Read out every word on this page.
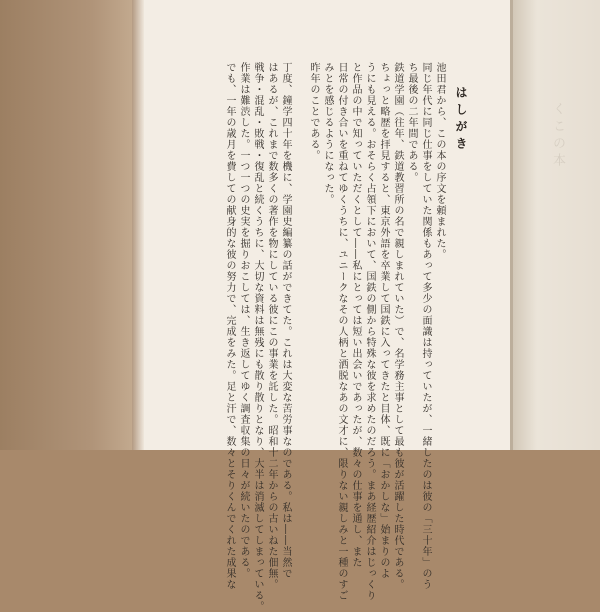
はしがき

池田君から、この本の序文を頼まれた。

同じ年代に同じ仕事をしていた関係もあって多少の面識は持っていたが、一緒したのは彼の「三十年」のう

ち最後の二年間である。

鉄道学園（往年、鉄道教習所の名で親しまれていた）で、名学務主事として最も彼が活躍した時代である。

ちょっと略歴を拝見すると、東京外語を卒業して国鉄に入ってきたと目体、既に「おかしな」始まりのよ

うにも見える。おそらく占領下において、国鉄の側から特殊な彼を求めたのだろう。まあ経歴紹介はじっくり

と作品の中で知っていただくとして――私にとっては短い出会いであったが、数々の仕事を通し、また

日常の付き合いを重ねてゆくうちに、ユニークなその人柄と洒脱なあの文才に、限りない親しみと一種のすご

みとを感じるようになった。

昨年のことである。

丁度、鐘学四十年を機に、学園史編纂の話ができてた。これは大変な苦労事なのである。私は――当然で

はあるが、これまで数多くの著作を物にしている彼にこの事業を託した。昭和十二年からの古いねた佃無。

戦争・混乱・敗戦・復乱と続くうちに、大切な資料は無残にも散り散りとなり、大半は消滅してしまっている。

作業は難渋した。一つ一つの史実を掘りおこしては、生き返してゆく調査収集の日々が続いたのである。

でも、一年の歳月を費しての献身的な彼の努力で、完成をみた。足と汗で、数々とそりくんでくれた成果な	くこの本
